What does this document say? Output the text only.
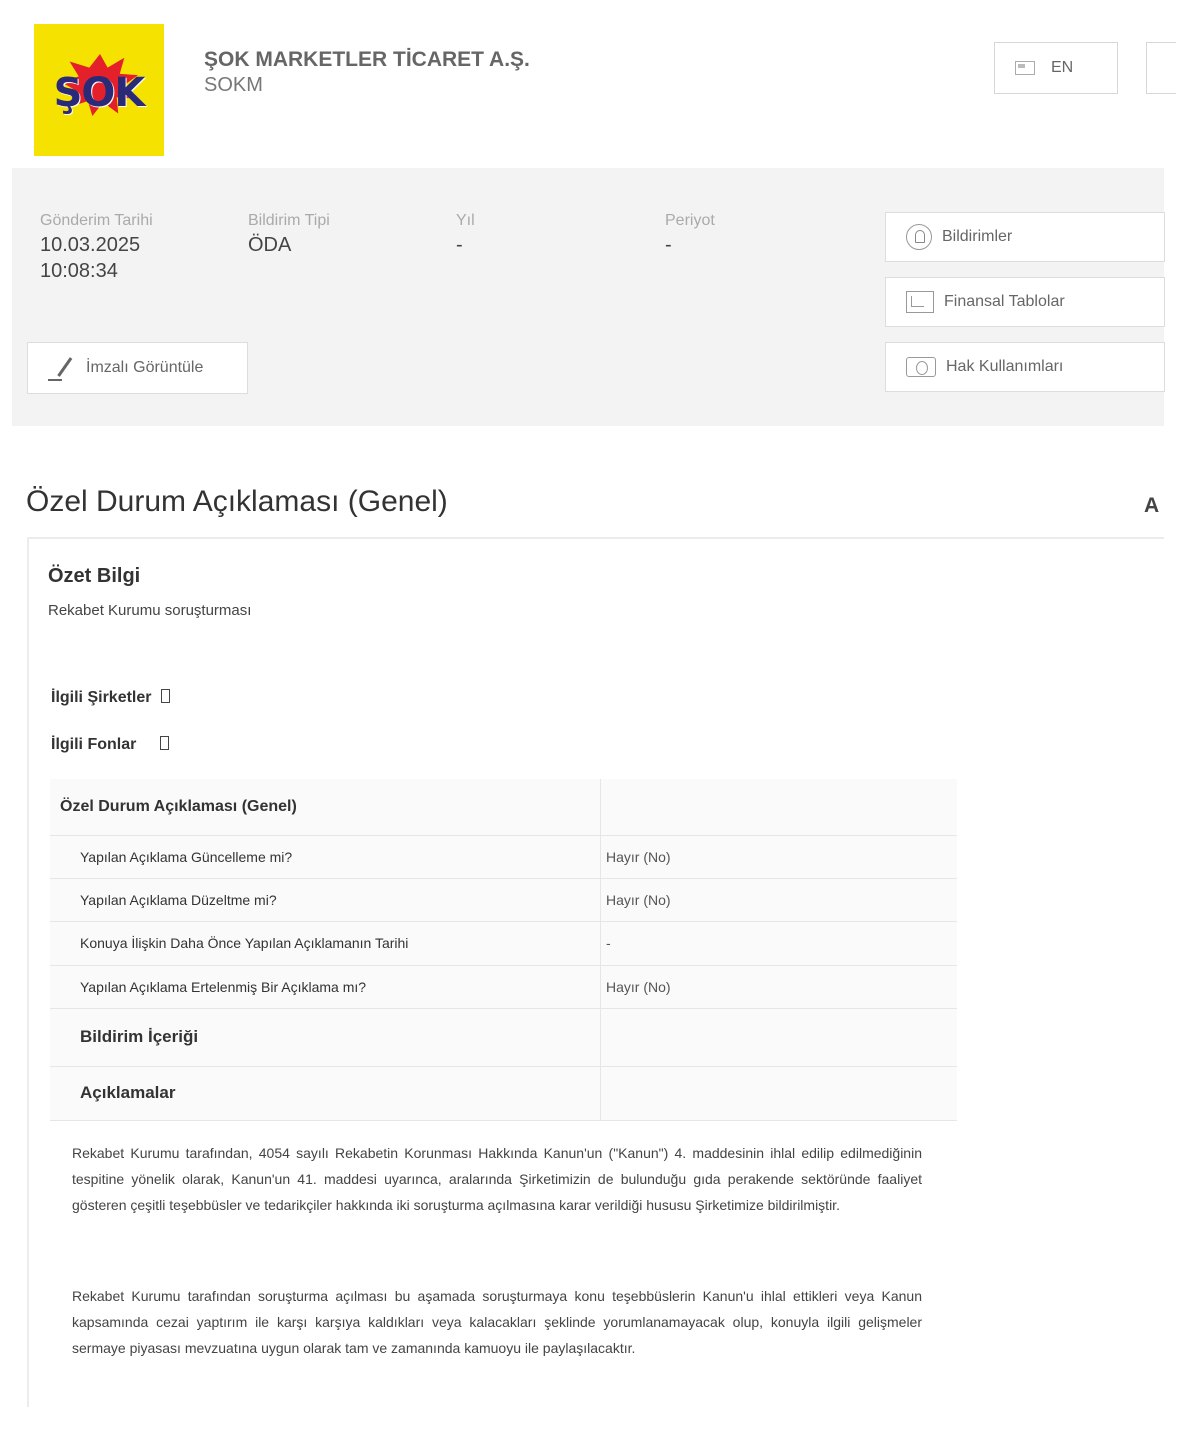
ŞOK
ŞOK MARKETLER TİCARET A.Ş.
SOKM
EN
Gönderim Tarihi
10.03.2025
10:08:34
Bildirim Tipi
ÖDA
Yıl
-
Periyot
-	Bildirimler
Finansal Tablolar
Hak Kullanımları
İmzalı Görüntüle
Özel Durum Açıklaması (Genel)	A
Özet Bilgi
Rekabet Kurumu soruşturması
İlgili Şirketler
İlgili Fonlar
Özel Durum Açıklaması (Genel)	
Yapılan Açıklama Güncelleme mi?	Hayır (No)
Yapılan Açıklama Düzeltme mi?	Hayır (No)
Konuya İlişkin Daha Önce Yapılan Açıklamanın Tarihi	-
Yapılan Açıklama Ertelenmiş Bir Açıklama mı?	Hayır (No)
Bildirim İçeriği	
Açıklamalar	
Rekabet Kurumu tarafından, 4054 sayılı Rekabetin Korunması Hakkında Kanun'un ("Kanun") 4. maddesinin ihlal edilip edilmediğinin tespitine yönelik olarak, Kanun'un 41. maddesi uyarınca, aralarında Şirketimizin de bulunduğu gıda perakende sektöründe faaliyet gösteren çeşitli teşebbüsler ve tedarikçiler hakkında iki soruşturma açılmasına karar verildiği hususu Şirketimize bildirilmiştir.
Rekabet Kurumu tarafından soruşturma açılması bu aşamada soruşturmaya konu teşebbüslerin Kanun'u ihlal ettikleri veya Kanun kapsamında cezai yaptırım ile karşı karşıya kaldıkları veya kalacakları şeklinde yorumlanamayacak olup, konuyla ilgili gelişmeler sermaye piyasası mevzuatına uygun olarak tam ve zamanında kamuoyu ile paylaşılacaktır.
